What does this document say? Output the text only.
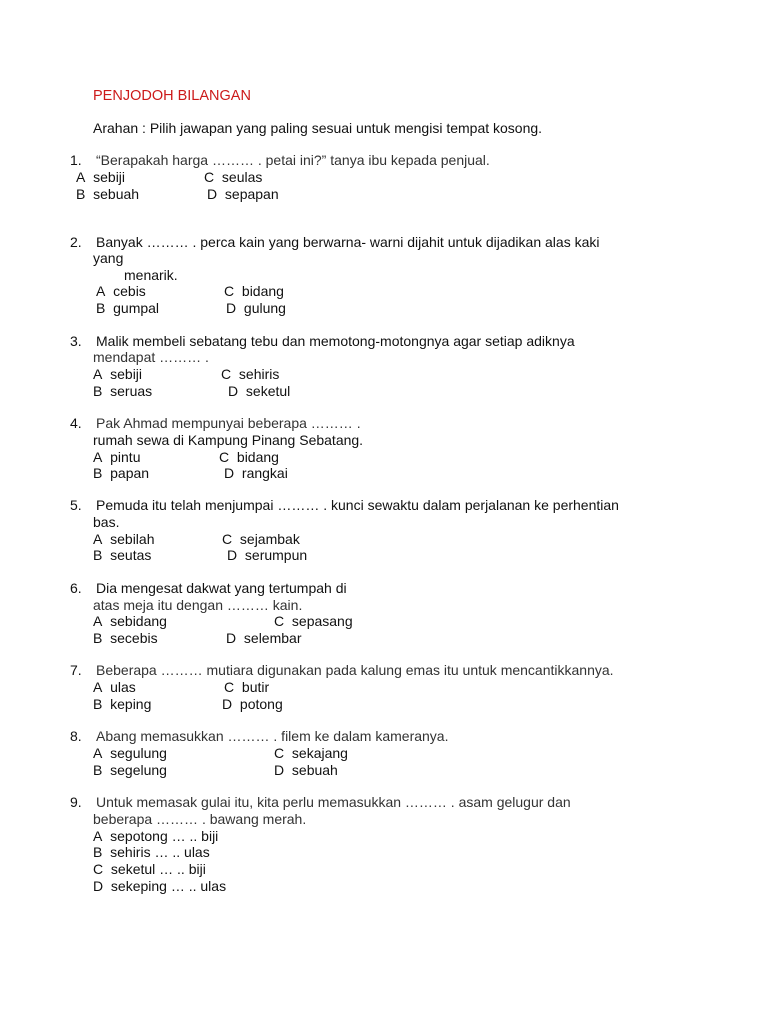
PENJODOH BILANGAN
Arahan : Pilih jawapan yang paling sesuai untuk mengisi tempat kosong.
1. “Berapakah harga ……… . petai ini?” tanya ibu kepada penjual.
A sebiji
B sebuah
C seulas
D sepapan
2. Banyak ……… . perca kain yang berwarna- warni dijahit untuk dijadikan alas kaki
yang
menarik.
A cebis
B gumpal
C bidang
D gulung
3. Malik membeli sebatang tebu dan memotong-motongnya agar setiap adiknya
mendapat ……… .
A sebiji
B seruas
C sehiris
D seketul
4. Pak Ahmad mempunyai beberapa ……… .
rumah sewa di Kampung Pinang Sebatang.
A pintu
B papan
C bidang
D rangkai
5. Pemuda itu telah menjumpai ……… . kunci sewaktu dalam perjalanan ke perhentian
bas.
A sebilah
B seutas
C sejambak
D serumpun
6. Dia mengesat dakwat yang tertumpah di
atas meja itu dengan ……… kain.
A sebidang
B secebis
C sepasang
D selembar
7. Beberapa ……… mutiara digunakan pada kalung emas itu untuk mencantikkannya.
A ulas
B keping
C butir
D potong
8. Abang memasukkan ……… . filem ke dalam kameranya.
A segulung
B segelung
C sekajang
D sebuah
9. Untuk memasak gulai itu, kita perlu memasukkan ……… . asam gelugur dan
beberapa ……… . bawang merah.
A sepotong … .. biji
B sehiris … .. ulas
C seketul … .. biji
D sekeping … .. ulas
